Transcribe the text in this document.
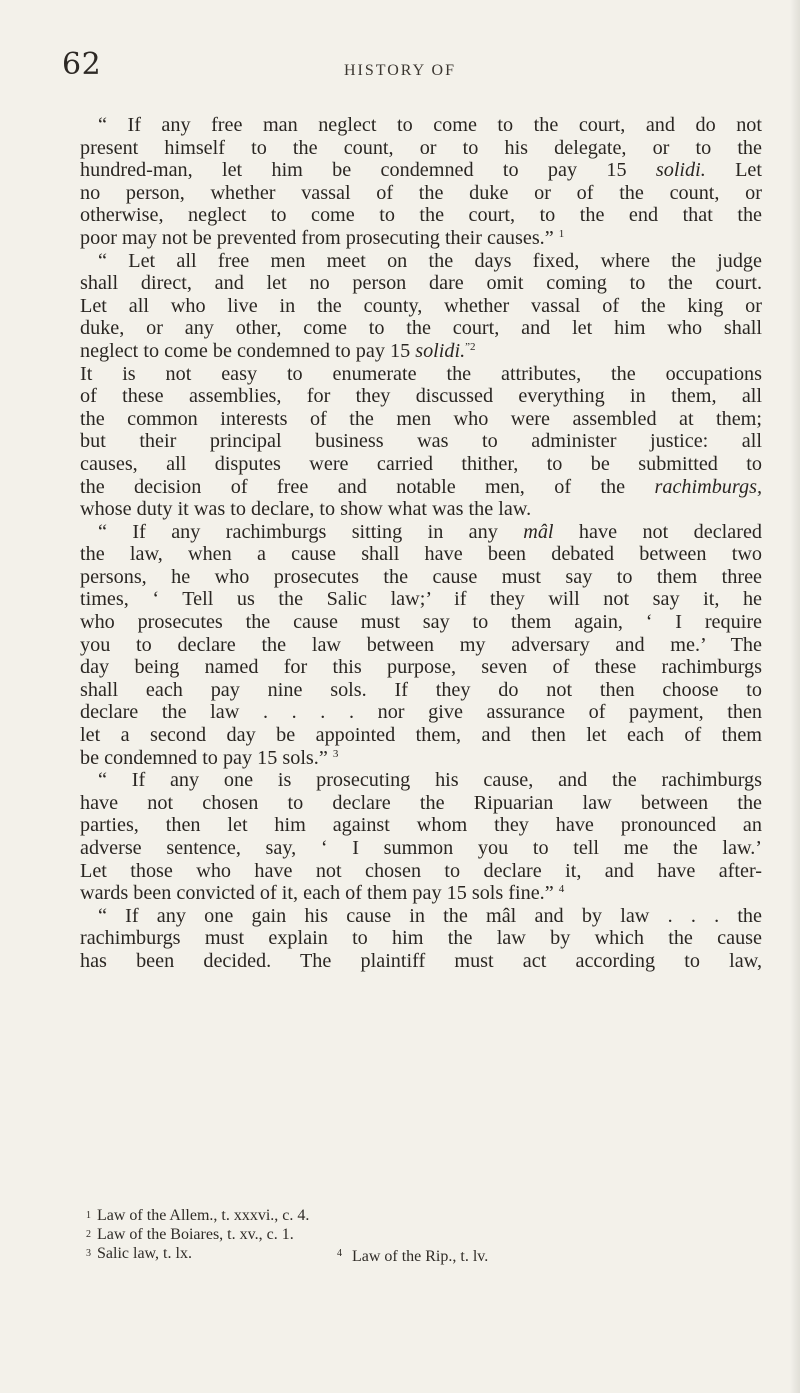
62	HISTORY OF
“ If any free man neglect to come to the court, and do not
present himself to the count, or to his delegate, or to the
hundred-man, let him be condemned to pay 15 solidi. Let
no person, whether vassal of the duke or of the count, or
otherwise, neglect to come to the court, to the end that the
poor may not be prevented from prosecuting their causes.” $^1$
“ Let all free men meet on the days fixed, where the judge
shall direct, and let no person dare omit coming to the court.
Let all who live in the county, whether vassal of the king or
duke, or any other, come to the court, and let him who shall
neglect to come be condemned to pay 15 solidi.$^{”2}$
It is not easy to enumerate the attributes, the occupations
of these assemblies, for they discussed everything in them, all
the common interests of the men who were assembled at them;
but their principal business was to administer justice: all
causes, all disputes were carried thither, to be submitted to
the decision of free and notable men, of the rachimburgs,
whose duty it was to declare, to show what was the law.
“ If any rachimburgs sitting in any mâl have not declared
the law, when a cause shall have been debated between two
persons, he who prosecutes the cause must say to them three
times, ‘ Tell us the Salic law;’ if they will not say it, he
who prosecutes the cause must say to them again, ‘ I require
you to declare the law between my adversary and me.’ The
day being named for this purpose, seven of these rachimburgs
shall each pay nine sols. If they do not then choose to
declare the law . . . . nor give assurance of payment, then
let a second day be appointed them, and then let each of them
be condemned to pay 15 sols.” $^3$
“ If any one is prosecuting his cause, and the rachimburgs
have not chosen to declare the Ripuarian law between the
parties, then let him against whom they have pronounced an
adverse sentence, say, ‘ I summon you to tell me the law.’
Let those who have not chosen to declare it, and have after-
wards been convicted of it, each of them pay 15 sols fine.” $^4$
“ If any one gain his cause in the mâl and by law . . . the
rachimburgs must explain to him the law by which the cause
has been decided. The plaintiff must act according to law,
1 Law of the Allem., t. xxxvi., c. 4.
2 Law of the Boiares, t. xv., c. 1.
3 Salic law, t. lx.	$^4$ Law of the Rip., t. lv.
